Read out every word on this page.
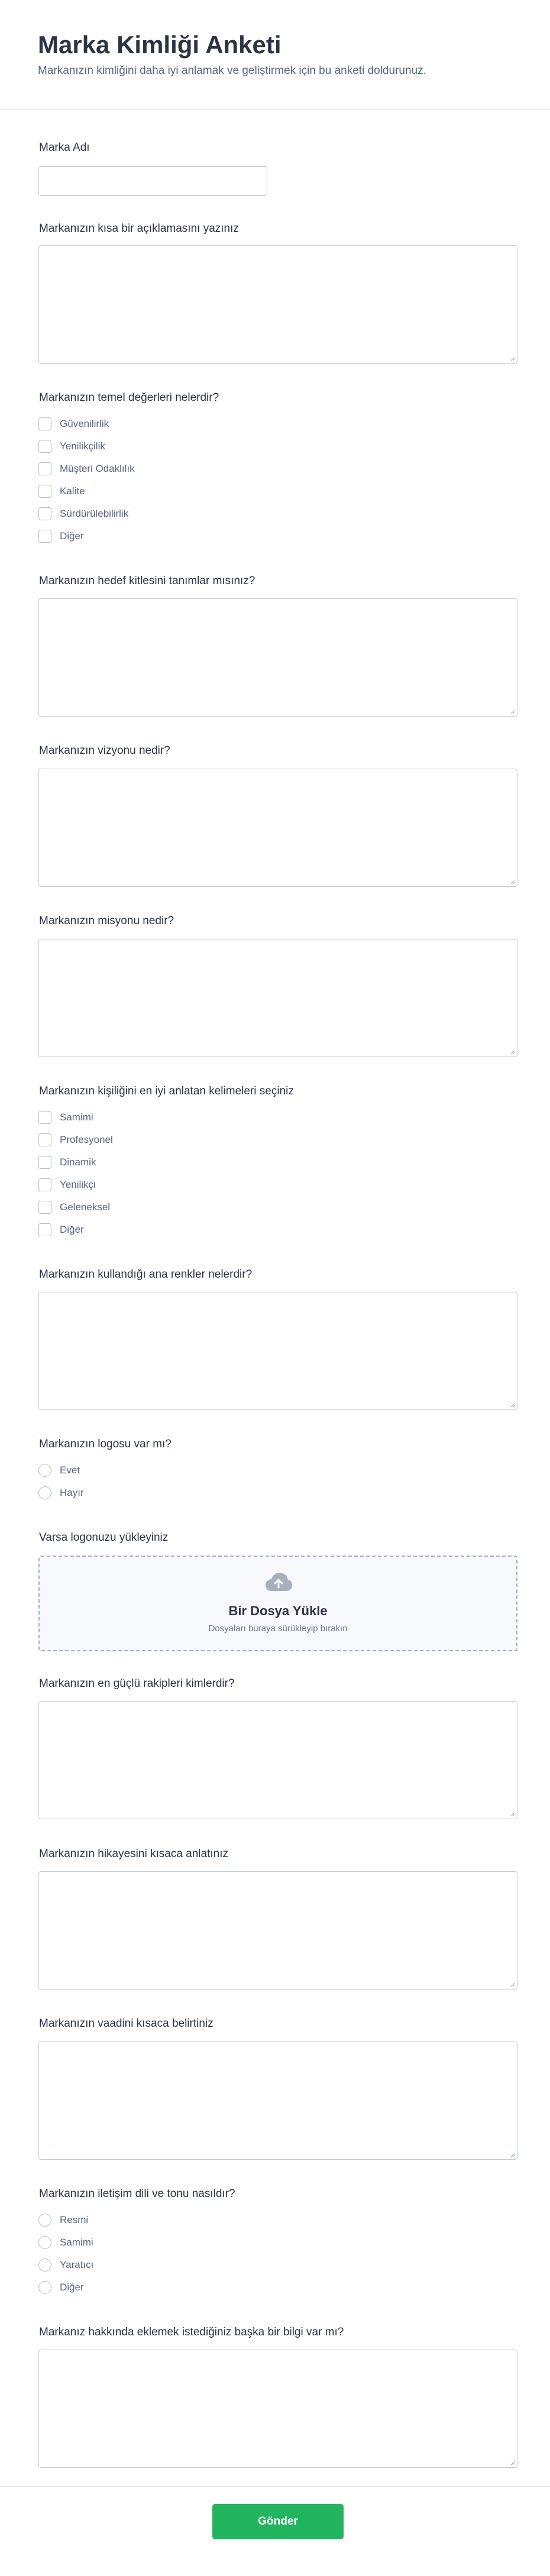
Marka Kimliği Anketi

Markanızın kimliğini daha iyi anlamak ve geliştirmek için bu anketi doldurunuz.

Marka Adı
Markanızın kısa bir açıklamasını yazınız
Markanızın temel değerleri nelerdir?
Güvenilirlik
Yenilikçilik
Müşteri Odaklılık
Kalite
Sürdürülebilirlik
Diğer
Markanızın hedef kitlesini tanımlar mısınız?
Markanızın vizyonu nedir?
Markanızın misyonu nedir?
Markanızın kişiliğini en iyi anlatan kelimeleri seçiniz
Samimi
Profesyonel
Dinamik
Yenilikçi
Geleneksel
Diğer
Markanızın kullandığı ana renkler nelerdir?
Markanızın logosu var mı?
Evet
Hayır
Varsa logonuzu yükleyiniz
Bir Dosya Yükle
Dosyaları buraya sürükleyip bırakın
Markanızın en güçlü rakipleri kimlerdir?
Markanızın hikayesini kısaca anlatınız
Markanızın vaadini kısaca belirtiniz
Markanızın iletişim dili ve tonu nasıldır?
Resmi
Samimi
Yaratıcı
Diğer
Markanız hakkında eklemek istediğiniz başka bir bilgi var mı?
Gönder
